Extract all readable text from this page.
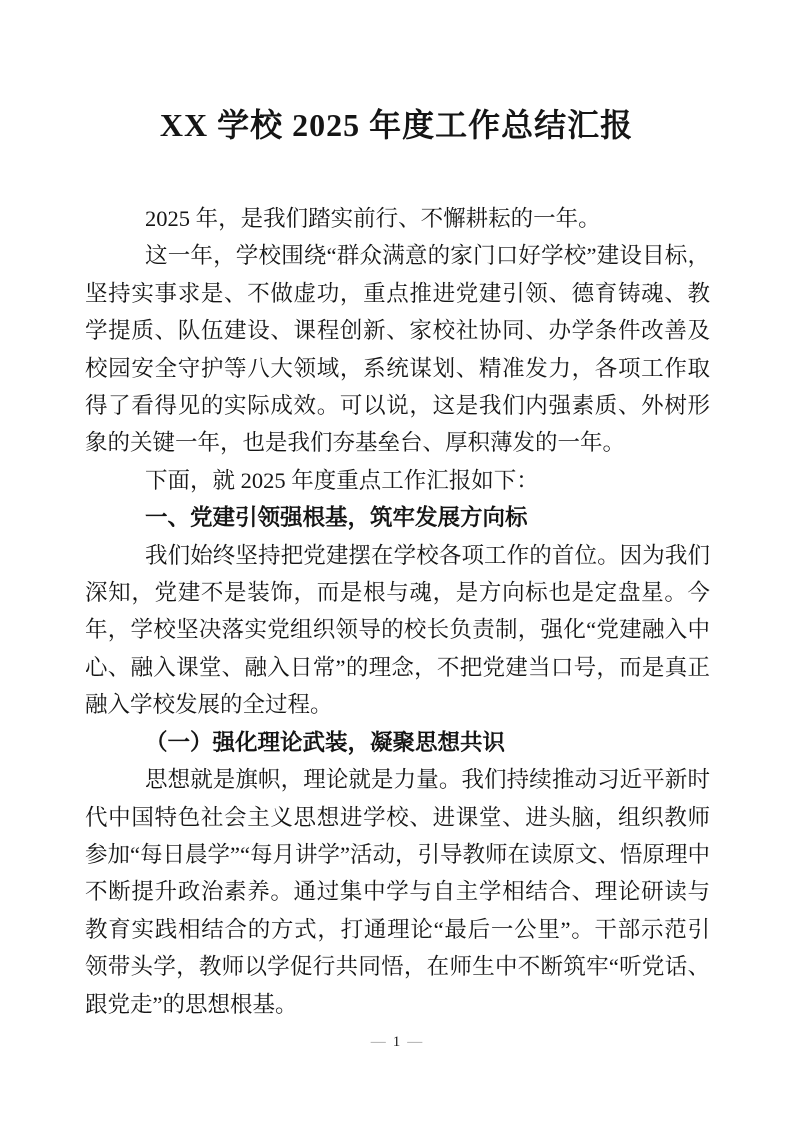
XX 学校 2025 年度工作总结汇报

2025 年，是我们踏实前行、不懈耕耘的一年。

这一年，学校围绕“群众满意的家门口好学校”建设目标，坚持实事求是、不做虚功，重点推进党建引领、德育铸魂、教学提质、队伍建设、课程创新、家校社协同、办学条件改善及校园安全守护等八大领域，系统谋划、精准发力，各项工作取得了看得见的实际成效。可以说，这是我们内强素质、外树形象的关键一年，也是我们夯基垒台、厚积薄发的一年。

下面，就 2025 年度重点工作汇报如下：

一、党建引领强根基，筑牢发展方向标

我们始终坚持把党建摆在学校各项工作的首位。因为我们深知，党建不是装饰，而是根与魂，是方向标也是定盘星。今年，学校坚决落实党组织领导的校长负责制，强化“党建融入中心、融入课堂、融入日常”的理念，不把党建当口号，而是真正融入学校发展的全过程。

（一）强化理论武装，凝聚思想共识

思想就是旗帜，理论就是力量。我们持续推动习近平新时代中国特色社会主义思想进学校、进课堂、进头脑，组织教师参加“每日晨学”“每月讲学”活动，引导教师在读原文、悟原理中不断提升政治素养。通过集中学与自主学相结合、理论研读与教育实践相结合的方式，打通理论“最后一公里”。干部示范引领带头学，教师以学促行共同悟，在师生中不断筑牢“听党话、跟党走”的思想根基。

— 1 —
